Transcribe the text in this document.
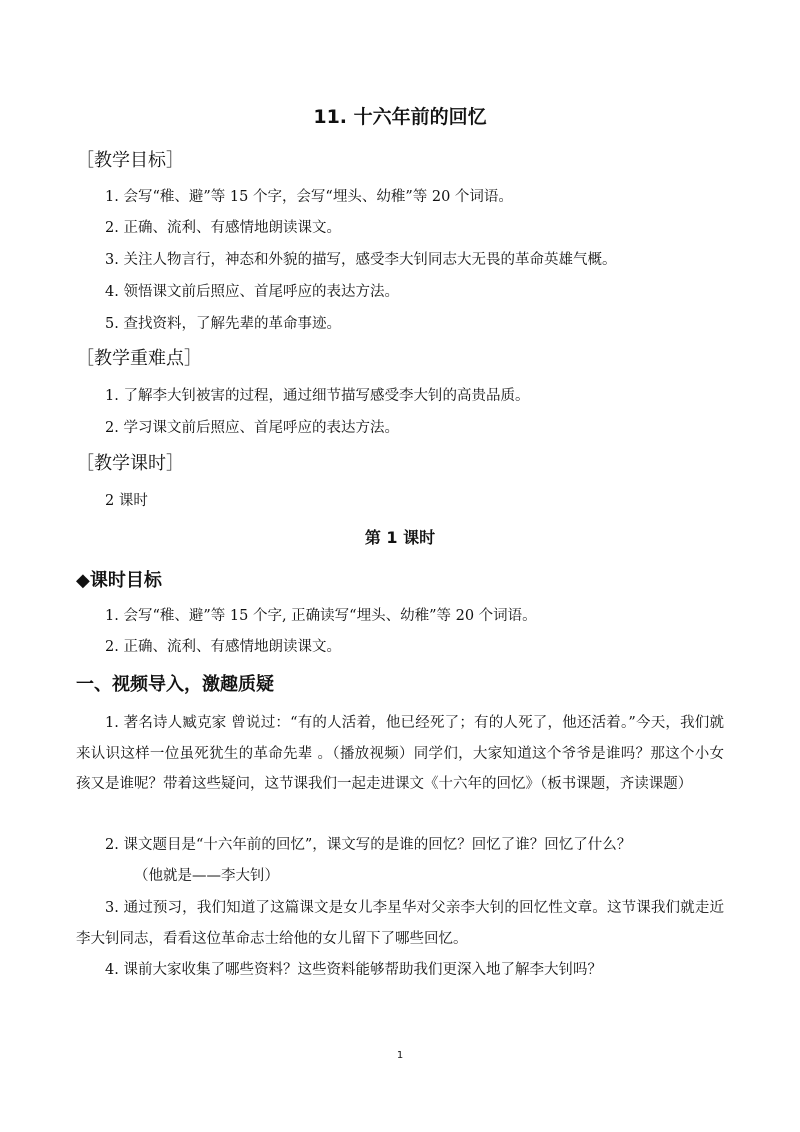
11. 十六年前的回忆
［教学目标］
1. 会写“稚、避”等 15 个字，会写“埋头、幼稚”等 20 个词语。
2. 正确、流利、有感情地朗读课文。
3. 关注人物言行，神态和外貌的描写，感受李大钊同志大无畏的革命英雄气概。
4. 领悟课文前后照应、首尾呼应的表达方法。
5. 查找资料，了解先辈的革命事迹。
［教学重难点］
1. 了解李大钊被害的过程，通过细节描写感受李大钊的高贵品质。
2. 学习课文前后照应、首尾呼应的表达方法。
［教学课时］
2 课时
第 1 课时
◆课时目标
1. 会写“稚、避”等 15 个字, 正确读写“埋头、幼稚”等 20 个词语。
2. 正确、流利、有感情地朗读课文。
一、视频导入，激趣质疑
1. 著名诗人臧克家 曾说过：“有的人活着，他已经死了；有的人死了，他还活着。”今天，我们就来认识这样一位虽死犹生的革命先辈 。（播放视频）同学们，大家知道这个爷爷是谁吗？那这个小女孩又是谁呢？带着这些疑问，这节课我们一起走进课文《十六年的回忆》（板书课题，齐读课题）
2. 课文题目是“十六年前的回忆”，课文写的是谁的回忆？回忆了谁？回忆了什么？
（他就是——李大钊）
3. 通过预习，我们知道了这篇课文是女儿李星华对父亲李大钊的回忆性文章。这节课我们就走近李大钊同志，看看这位革命志士给他的女儿留下了哪些回忆。
4. 课前大家收集了哪些资料？这些资料能够帮助我们更深入地了解李大钊吗？
1
